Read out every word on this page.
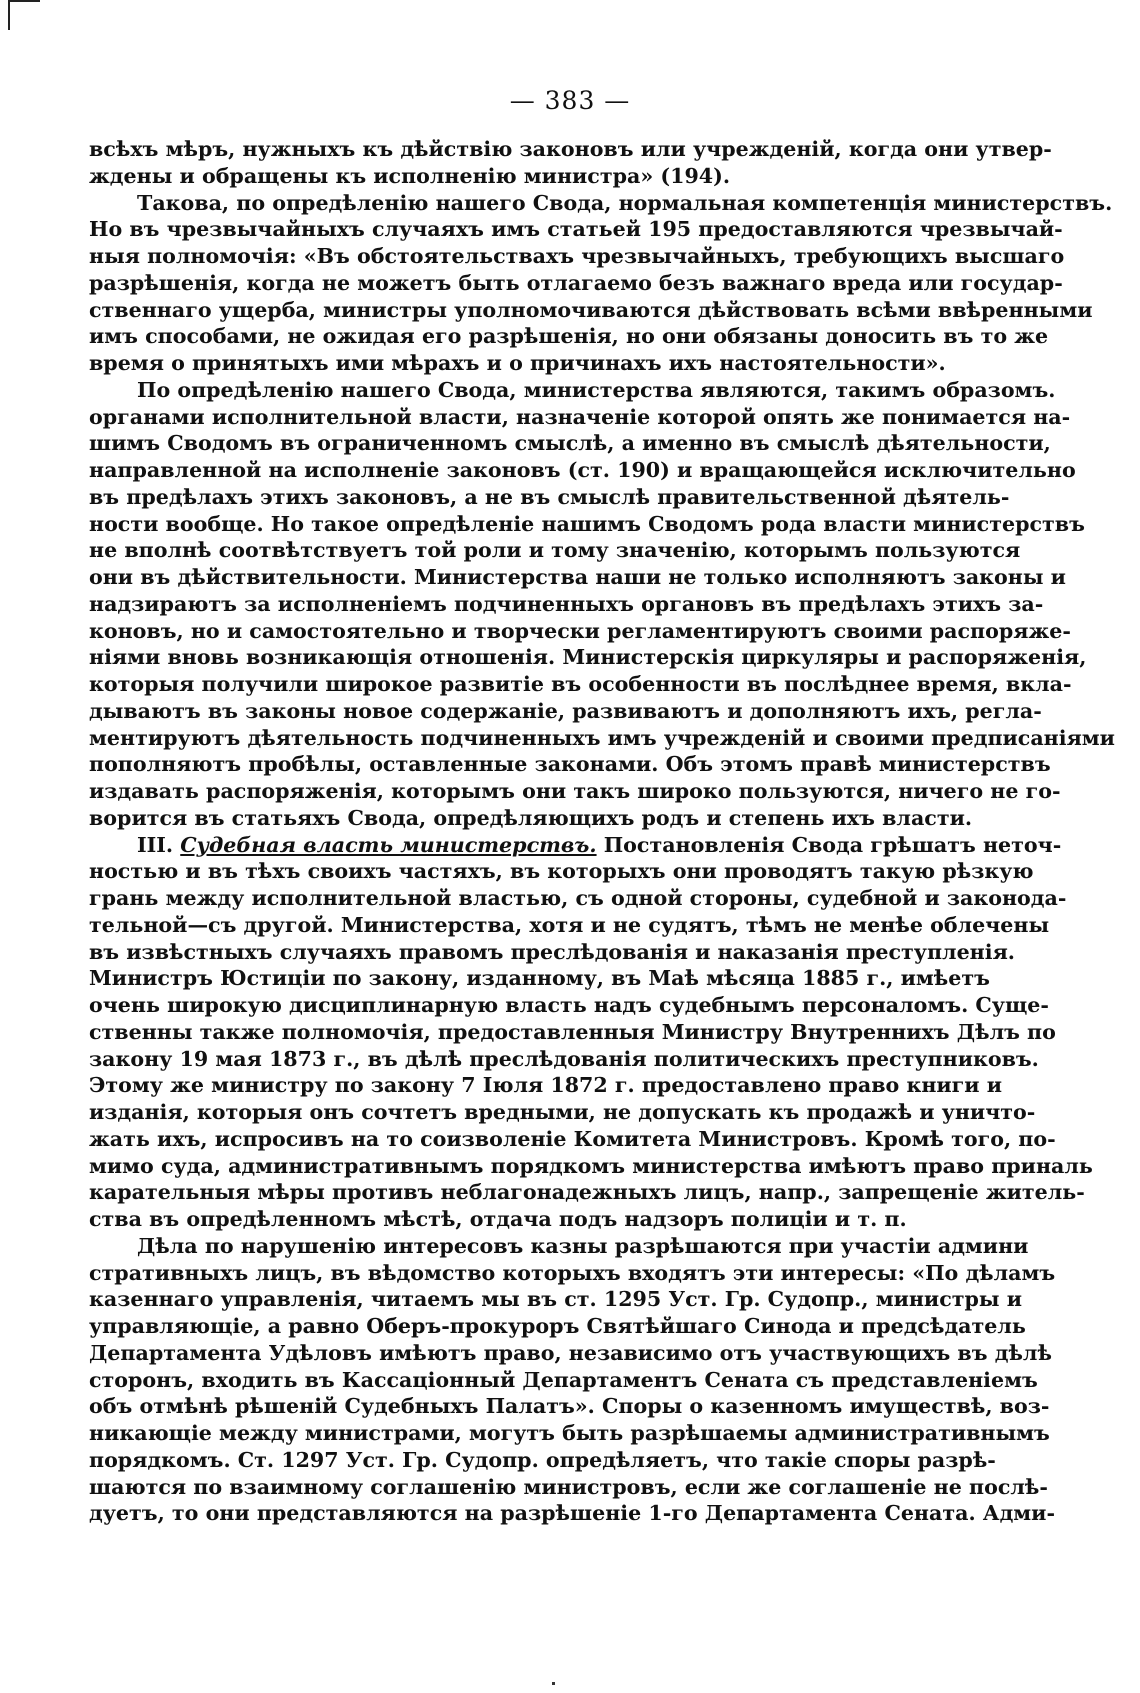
— 383 —
всѣхъ мѣръ, нужныхъ къ дѣйствію законовъ или учрежденій, когда они утвер-
ждены и обращены къ исполненію министра» (194).
Такова, по опредѣленію нашего Свода, нормальная компетенція министерствъ.
Но въ чрезвычайныхъ случаяхъ имъ статьей 195 предоставляются чрезвычай-
ныя полномочія: «Въ обстоятельствахъ чрезвычайныхъ, требующихъ высшаго
разрѣшенія, когда не можетъ быть отлагаемо безъ важнаго вреда или государ-
ственнаго ущерба, министры уполномочиваются дѣйствовать всѣми ввѣренными
имъ способами, не ожидая его разрѣшенія, но они обязаны доносить въ то же
время о принятыхъ ими мѣрахъ и о причинахъ ихъ настоятельности».
По опредѣленію нашего Свода, министерства являются, такимъ образомъ.
органами исполнительной власти, назначеніе которой опять же понимается на-
шимъ Сводомъ въ ограниченномъ смыслѣ, а именно въ смыслѣ дѣятельности,
направленной на исполненіе законовъ (ст. 190) и вращающейся исключительно
въ предѣлахъ этихъ законовъ, а не въ смыслѣ правительственной дѣятель-
ности вообще. Но такое опредѣленіе нашимъ Сводомъ рода власти министерствъ
не вполнѣ соотвѣтствуетъ той роли и тому значенію, которымъ пользуются
они въ дѣйствительности. Министерства наши не только исполняютъ законы и
надзираютъ за исполненіемъ подчиненныхъ органовъ въ предѣлахъ этихъ за-
коновъ, но и самостоятельно и творчески регламентируютъ своими распоряже-
ніями вновь возникающія отношенія. Министерскія циркуляры и распоряженія,
которыя получили широкое развитіе въ особенности въ послѣднее время, вкла-
дываютъ въ законы новое содержаніе, развиваютъ и дополняютъ ихъ, регла-
ментируютъ дѣятельность подчиненныхъ имъ учрежденій и своими предписаніями
пополняютъ пробѣлы, оставленные законами. Объ этомъ правѣ министерствъ
издавать распоряженія, которымъ они такъ широко пользуются, ничего не го-
ворится въ статьяхъ Свода, опредѣляющихъ родъ и степень ихъ власти.
III. Судебная власть министерствъ. Постановленія Свода грѣшатъ неточ-
ностью и въ тѣхъ своихъ частяхъ, въ которыхъ они проводятъ такую рѣзкую
грань между исполнительной властью, съ одной стороны, судебной и законода-
тельной—съ другой. Министерства, хотя и не судятъ, тѣмъ не менѣе облечены
въ извѣстныхъ случаяхъ правомъ преслѣдованія и наказанія преступленія.
Министръ Юстиціи по закону, изданному, въ Маѣ мѣсяца 1885 г., имѣетъ
очень широкую дисциплинарную власть надъ судебнымъ персоналомъ. Суще-
ственны также полномочія, предоставленныя Министру Внутреннихъ Дѣлъ по
закону 19 мая 1873 г., въ дѣлѣ преслѣдованія политическихъ преступниковъ.
Этому же министру по закону 7 Іюля 1872 г. предоставлено право книги и
изданія, которыя онъ сочтетъ вредными, не допускать къ продажѣ и уничто-
жать ихъ, испросивъ на то соизволеніе Комитета Министровъ. Кромѣ того, по-
мимо суда, административнымъ порядкомъ министерства имѣютъ право приналь
карательныя мѣры противъ неблагонадежныхъ лицъ, напр., запрещеніе житель-
ства въ опредѣленномъ мѣстѣ, отдача подъ надзоръ полиціи и т. п.
Дѣла по нарушенію интересовъ казны разрѣшаются при участіи админи
стративныхъ лицъ, въ вѣдомство которыхъ входятъ эти интересы: «По дѣламъ
казеннаго управленія, читаемъ мы въ ст. 1295 Уст. Гр. Судопр., министры и
управляющіе, а равно Оберъ-прокуроръ Святѣйшаго Синода и предсѣдатель
Департамента Удѣловъ имѣютъ право, независимо отъ участвующихъ въ дѣлѣ
сторонъ, входить въ Кассаціонный Департаментъ Сената съ представленіемъ
объ отмѣнѣ рѣшеній Судебныхъ Палатъ». Споры о казенномъ имуществѣ, воз-
никающіе между министрами, могутъ быть разрѣшаемы административнымъ
порядкомъ. Ст. 1297 Уст. Гр. Судопр. опредѣляетъ, что такіе споры разрѣ-
шаются по взаимному соглашенію министровъ, если же соглашеніе не послѣ-
дуетъ, то они представляются на разрѣшеніе 1-го Департамента Сената. Адми-
